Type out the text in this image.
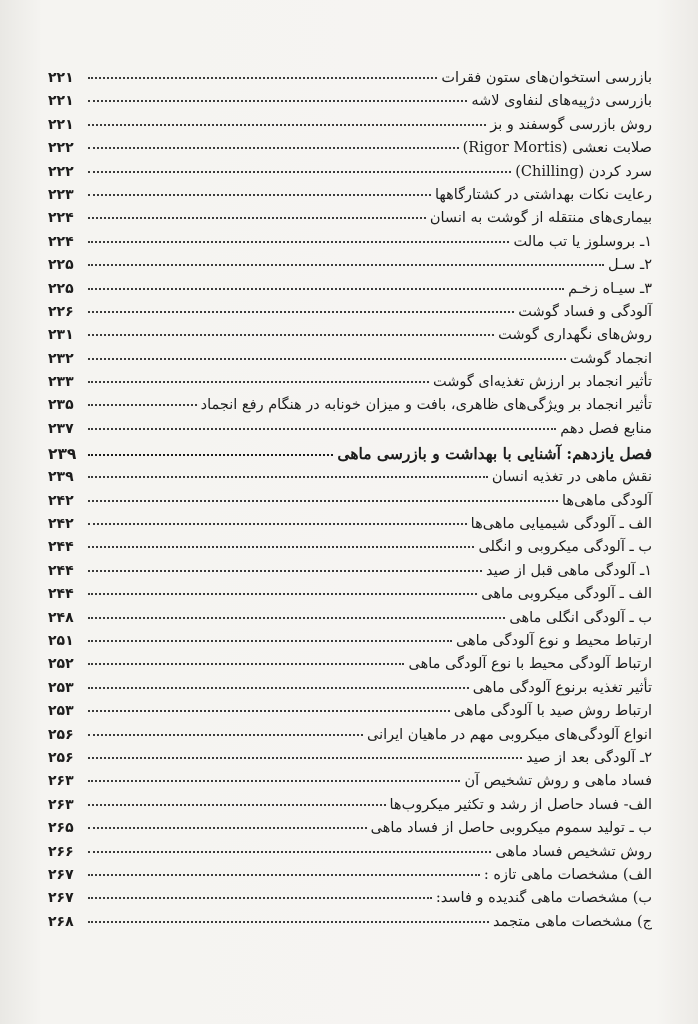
بازرسی استخوان‌های ستون فقرات
۲۲۱
بازرسی دژپیه‌های لنفاوی لاشه
۲۲۱
روش بازرسی گوسفند و بز
۲۲۱
صلابت نعشی (Rigor Mortis)
۲۲۲
سرد کردن (Chilling)
۲۲۲
رعایت نکات بهداشتی در کشتارگاهها
۲۲۳
بیماری‌های منتقله از گوشت به انسان
۲۲۴
۱ـ بروسلوز یا تب مالت
۲۲۴
۲ـ سـل
۲۲۵
۳ـ سیـاه زخـم
۲۲۵
آلودگی و فساد گوشت
۲۲۶
روش‌های نگهداری گوشت
۲۳۱
انجماد گوشت
۲۳۲
تأثیر انجماد بر ارزش تغذیه‌ای گوشت
۲۳۳
تأثیر انجماد بر ویژگی‌های ظاهری، بافت و میزان خونابه در هنگام رفع انجماد
۲۳۵
منابع فصل دهم
۲۳۷
فصل یازدهم: آشنایی با بهداشت و بازرسی ماهی
۲۳۹
نقش ماهی در تغذیه انسان
۲۳۹
آلودگی ماهی‌ها
۲۴۲
الف ـ آلودگی شیمیایی ماهی‌ها
۲۴۲
ب ـ آلودگی میکروبی و انگلی
۲۴۴
۱ـ آلودگی ماهی قبل از صید
۲۴۴
الف ـ آلودگی میکروبی ماهی
۲۴۴
ب ـ آلودگی انگلی ماهی
۲۴۸
ارتباط محیط و نوع آلودگی ماهی
۲۵۱
ارتباط آلودگی محیط با نوع آلودگی ماهی
۲۵۲
تأثیر تغذیه برنوع آلودگی ماهی
۲۵۳
ارتباط روش صید با آلودگی ماهی
۲۵۳
انواع آلودگی‌های میکروبی مهم در ماهیان ایرانی
۲۵۶
۲ـ آلودگی بعد از صید
۲۵۶
فساد ماهی و روش تشخیص آن
۲۶۳
الف- فساد حاصل از رشد و تکثیر میکروب‌ها
۲۶۳
ب ـ تولید سموم میکروبی حاصل از فساد ماهی
۲۶۵
روش تشخیص فساد ماهی
۲۶۶
الف) مشخصات ماهی تازه :
۲۶۷
ب) مشخصات ماهی گندیده و فاسد:
۲۶۷
ج) مشخصات ماهی متجمد
۲۶۸
